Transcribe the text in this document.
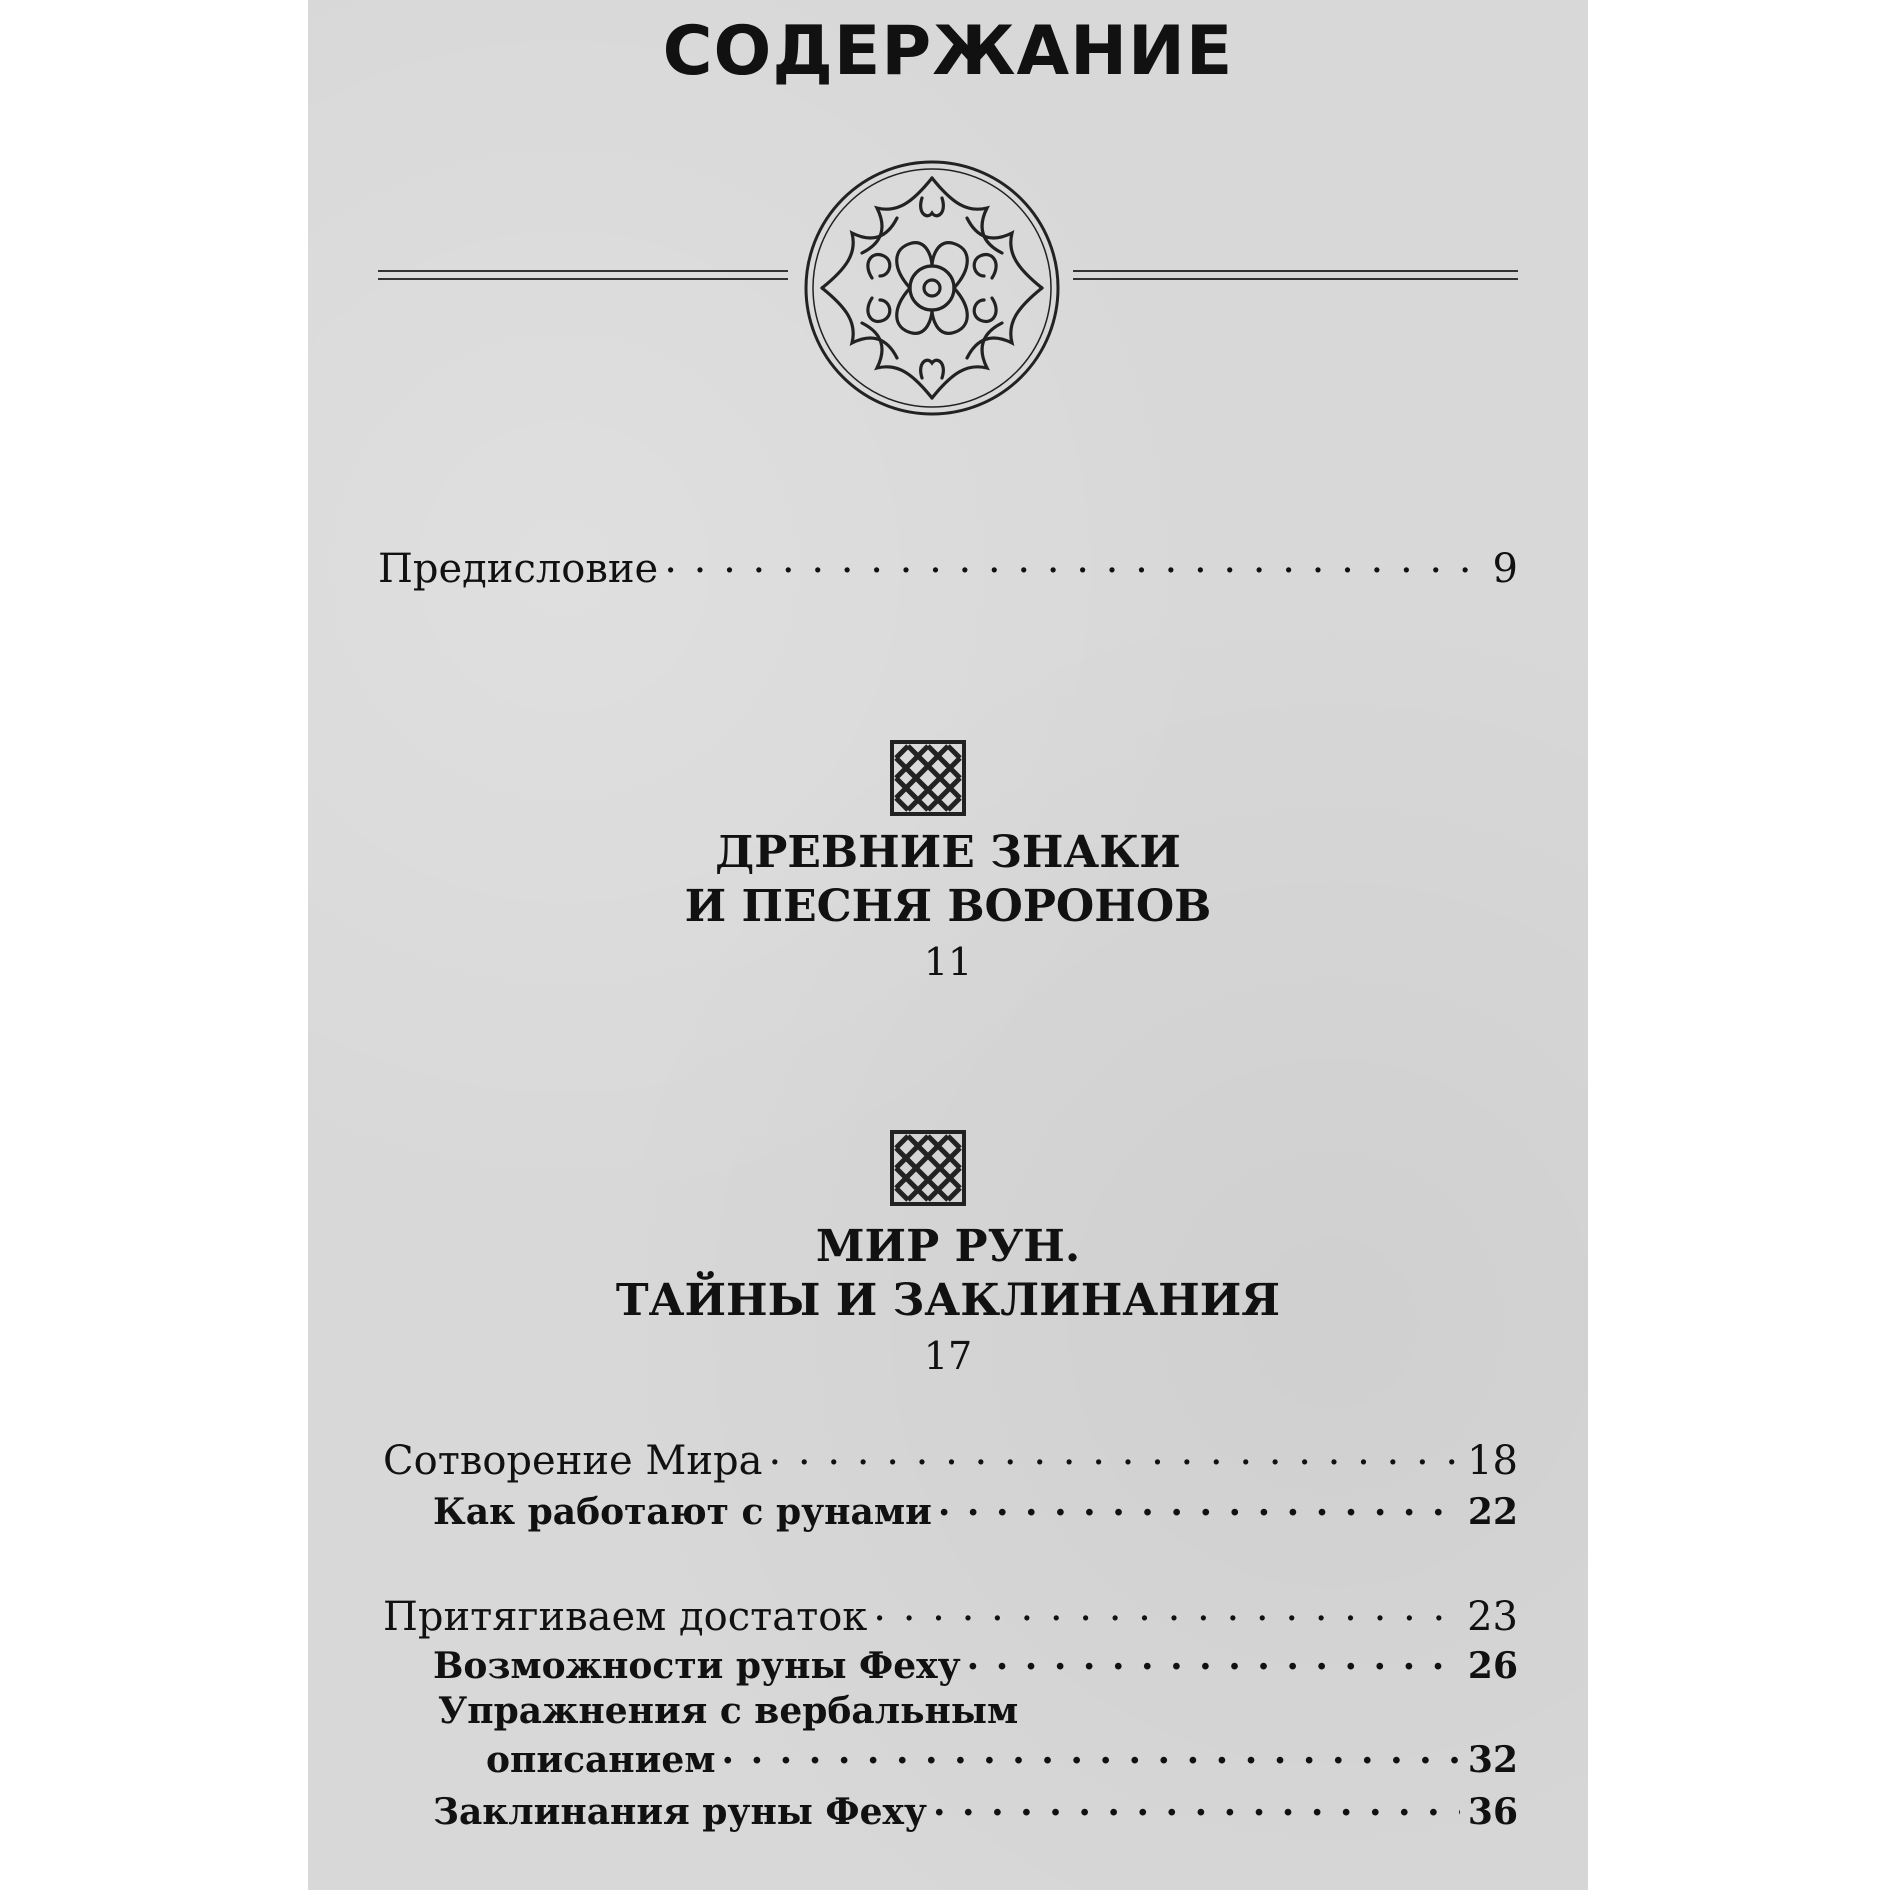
СОДЕРЖАНИЕ
Предисловие . . .	9
ДРЕВНИЕ ЗНАКИ
И ПЕСНЯ ВОРОНОВ
11
МИР РУН.
ТАЙНЫ И ЗАКЛИНАНИЯ
17
Сотворение Мира . . .	18
Как работают с рунами . . .	22
Притягиваем достаток . . .	23
Возможности руны Феху . . .	26
Упражнения с вербальным
описанием . . .	32
Заклинания руны Феху . . .	36
